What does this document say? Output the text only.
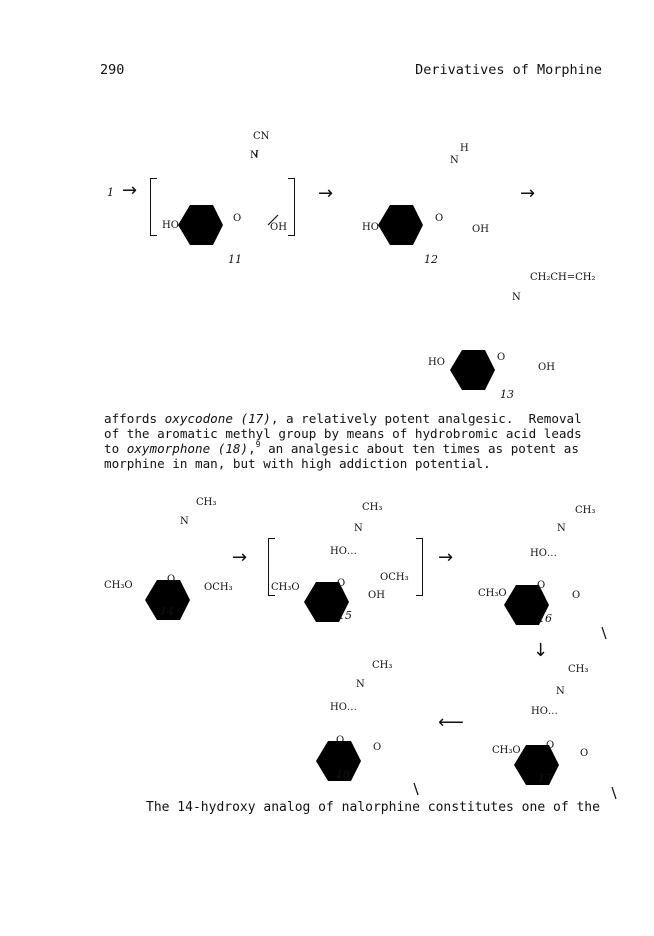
290	Derivatives of Morphine
1 →
CN
N
HO
O
OH
11
→
H
N
HO
O
OH
12
→
CH₂CH=CH₂
N
HO	O
OH
13
affords oxycodone (17), a relatively potent analgesic.  Removal
of the aromatic methyl group by means of hydrobromic acid leads
to oxymorphone (18),$^9$ an analgesic about ten times as potent as
morphine in man, but with high addiction potential.
CH₃
N
CH₃O
O
OCH₃
14
→
CH₃
N
HO…
CH₃O	O
OCH₃
OH
15
→
CH₃
N
HO…
CH₃O
O
O
16
↓
CH₃
N
HO…
O
O
18
⟵
CH₃
N
HO…
CH₃O	O
O
17
The 14-hydroxy analog of nalorphine constitutes one of the
